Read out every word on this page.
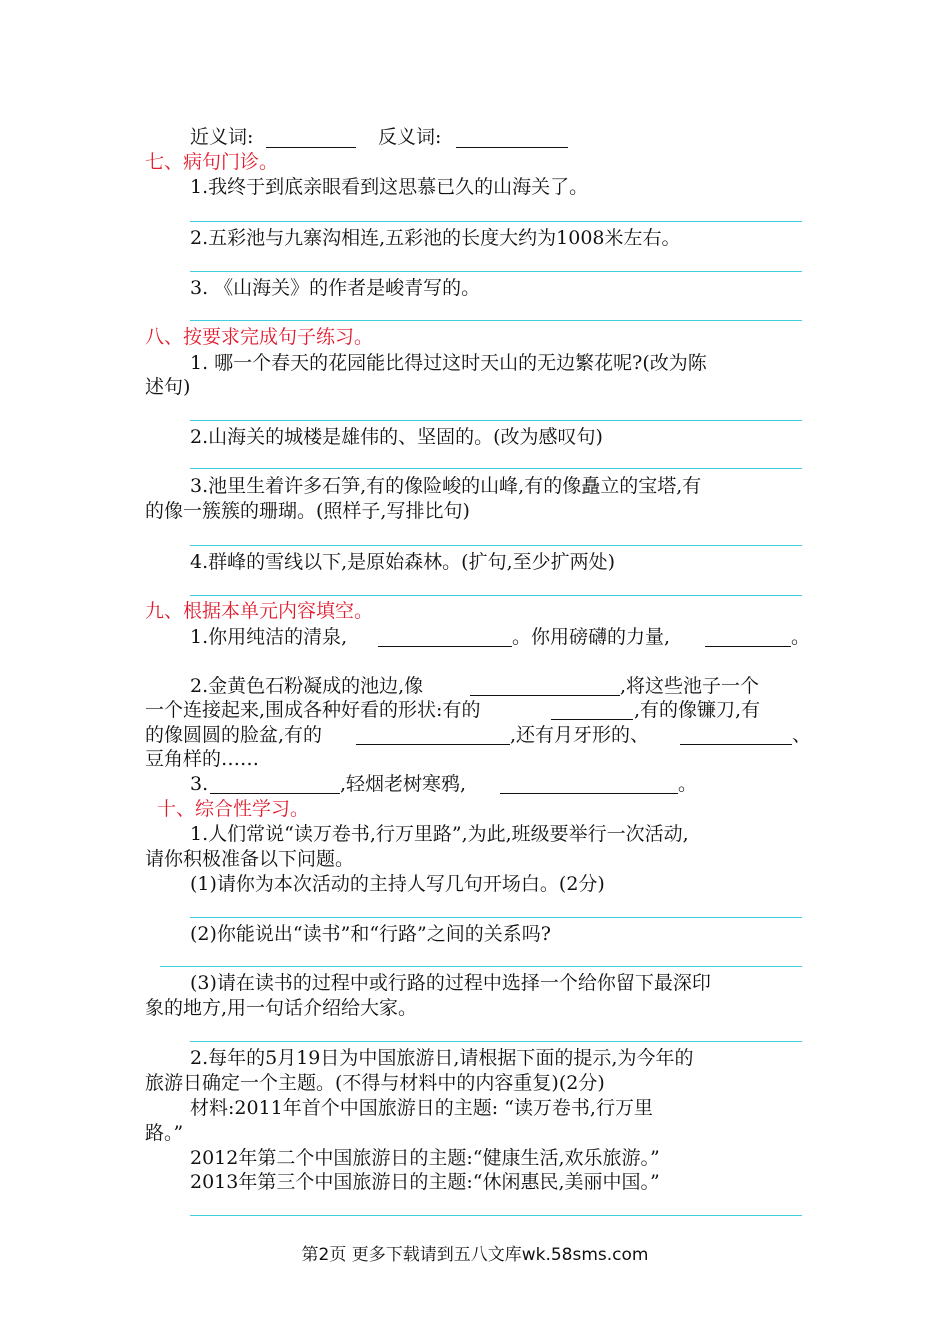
近义词:	反义词:
七、病句门诊。
1.我终于到底亲眼看到这思慕已久的山海关了。
2.五彩池与九寨沟相连,五彩池的长度大约为1008米左右。
3. 《山海关》的作者是峻青写的。
八、按要求完成句子练习。
1. 哪一个春天的花园能比得过这时天山的无边繁花呢?(改为陈
述句)
2.山海关的城楼是雄伟的、坚固的。(改为感叹句)
3.池里生着许多石笋,有的像险峻的山峰,有的像矗立的宝塔,有
的像一簇簇的珊瑚。(照样子,写排比句)
4.群峰的雪线以下,是原始森林。(扩句,至少扩两处)
九、根据本单元内容填空。
1.你用纯洁的清泉,	。你用磅礴的力量,	。
2.金黄色石粉凝成的池边,像	,将这些池子一个
一个连接起来,围成各种好看的形状:有的	,有的像镰刀,有
的像圆圆的脸盆,有的	,还有月牙形的、	、
豆角样的……
3.	,轻烟老树寒鸦,	。
十、综合性学习。
1.人们常说“读万卷书,行万里路”,为此,班级要举行一次活动,
请你积极准备以下问题。
(1)请你为本次活动的主持人写几句开场白。(2分)
(2)你能说出“读书”和“行路”之间的关系吗?
(3)请在读书的过程中或行路的过程中选择一个给你留下最深印
象的地方,用一句话介绍给大家。
2.每年的5月19日为中国旅游日,请根据下面的提示,为今年的
旅游日确定一个主题。(不得与材料中的内容重复)(2分)
材料:2011年首个中国旅游日的主题: “读万卷书,行万里
路。”
2012年第二个中国旅游日的主题:“健康生活,欢乐旅游。”
2013年第三个中国旅游日的主题:“休闲惠民,美丽中国。”
第2页 更多下载请到五八文库wk.58sms.com
